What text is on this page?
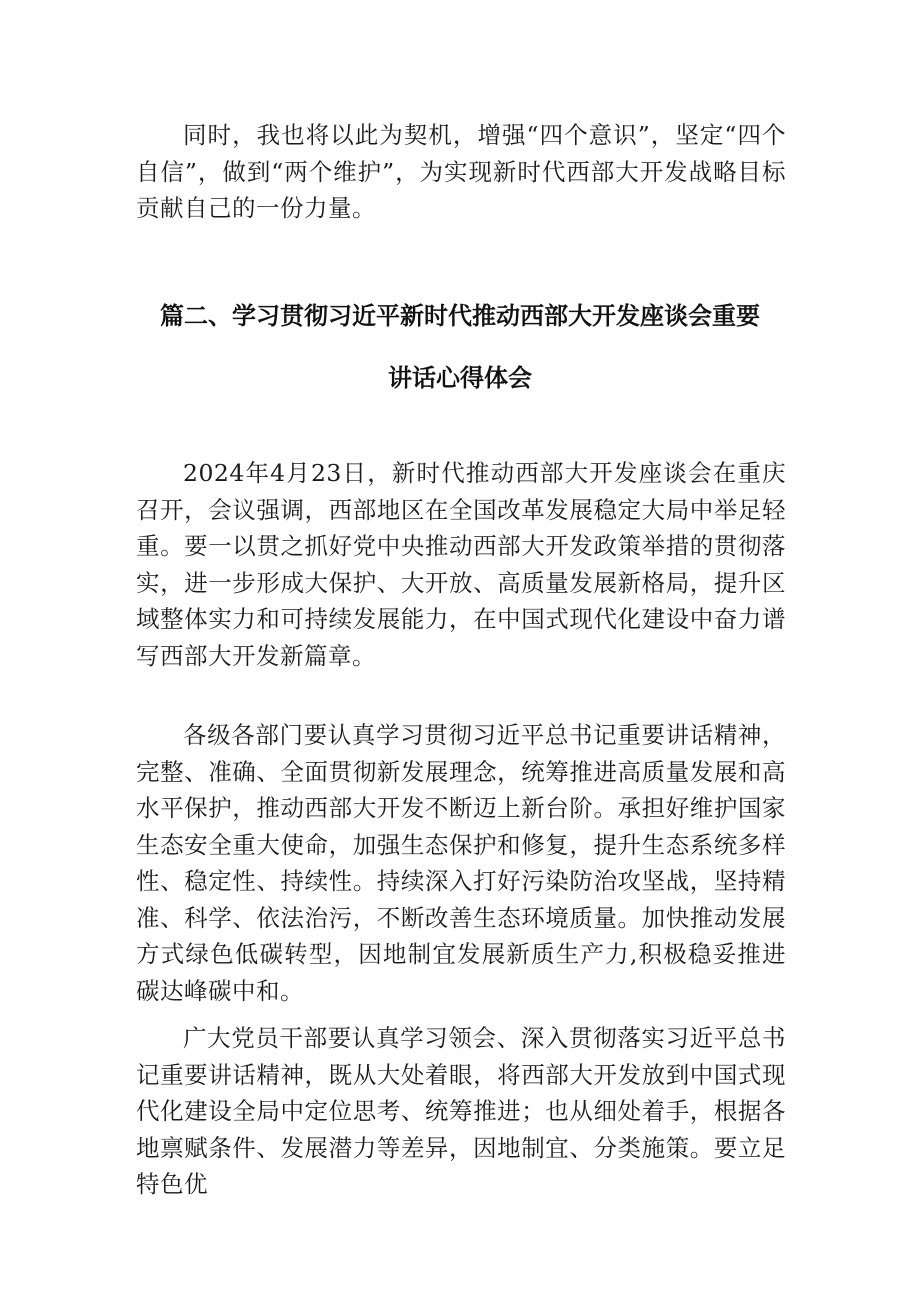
同时，我也将以此为契机，增强“四个意识”，坚定“四个自信”，做到“两个维护”，为实现新时代西部大开发战略目标贡献自己的一份力量。

篇二、学习贯彻习近平新时代推动西部大开发座谈会重要
讲话心得体会

2024年4月23日，新时代推动西部大开发座谈会在重庆召开，会议强调，西部地区在全国改革发展稳定大局中举足轻重。要一以贯之抓好党中央推动西部大开发政策举措的贯彻落实，进一步形成大保护、大开放、高质量发展新格局，提升区域整体实力和可持续发展能力，在中国式现代化建设中奋力谱写西部大开发新篇章。

各级各部门要认真学习贯彻习近平总书记重要讲话精神，完整、准确、全面贯彻新发展理念，统筹推进高质量发展和高水平保护，推动西部大开发不断迈上新台阶。承担好维护国家生态安全重大使命，加强生态保护和修复，提升生态系统多样性、稳定性、持续性。持续深入打好污染防治攻坚战，坚持精准、科学、依法治污，不断改善生态环境质量。加快推动发展方式绿色低碳转型，因地制宜发展新质生产力,积极稳妥推进碳达峰碳中和。

广大党员干部要认真学习领会、深入贯彻落实习近平总书记重要讲话精神，既从大处着眼，将西部大开发放到中国式现代化建设全局中定位思考、统筹推进；也从细处着手，根据各地禀赋条件、发展潜力等差异，因地制宜、分类施策。要立足特色优
